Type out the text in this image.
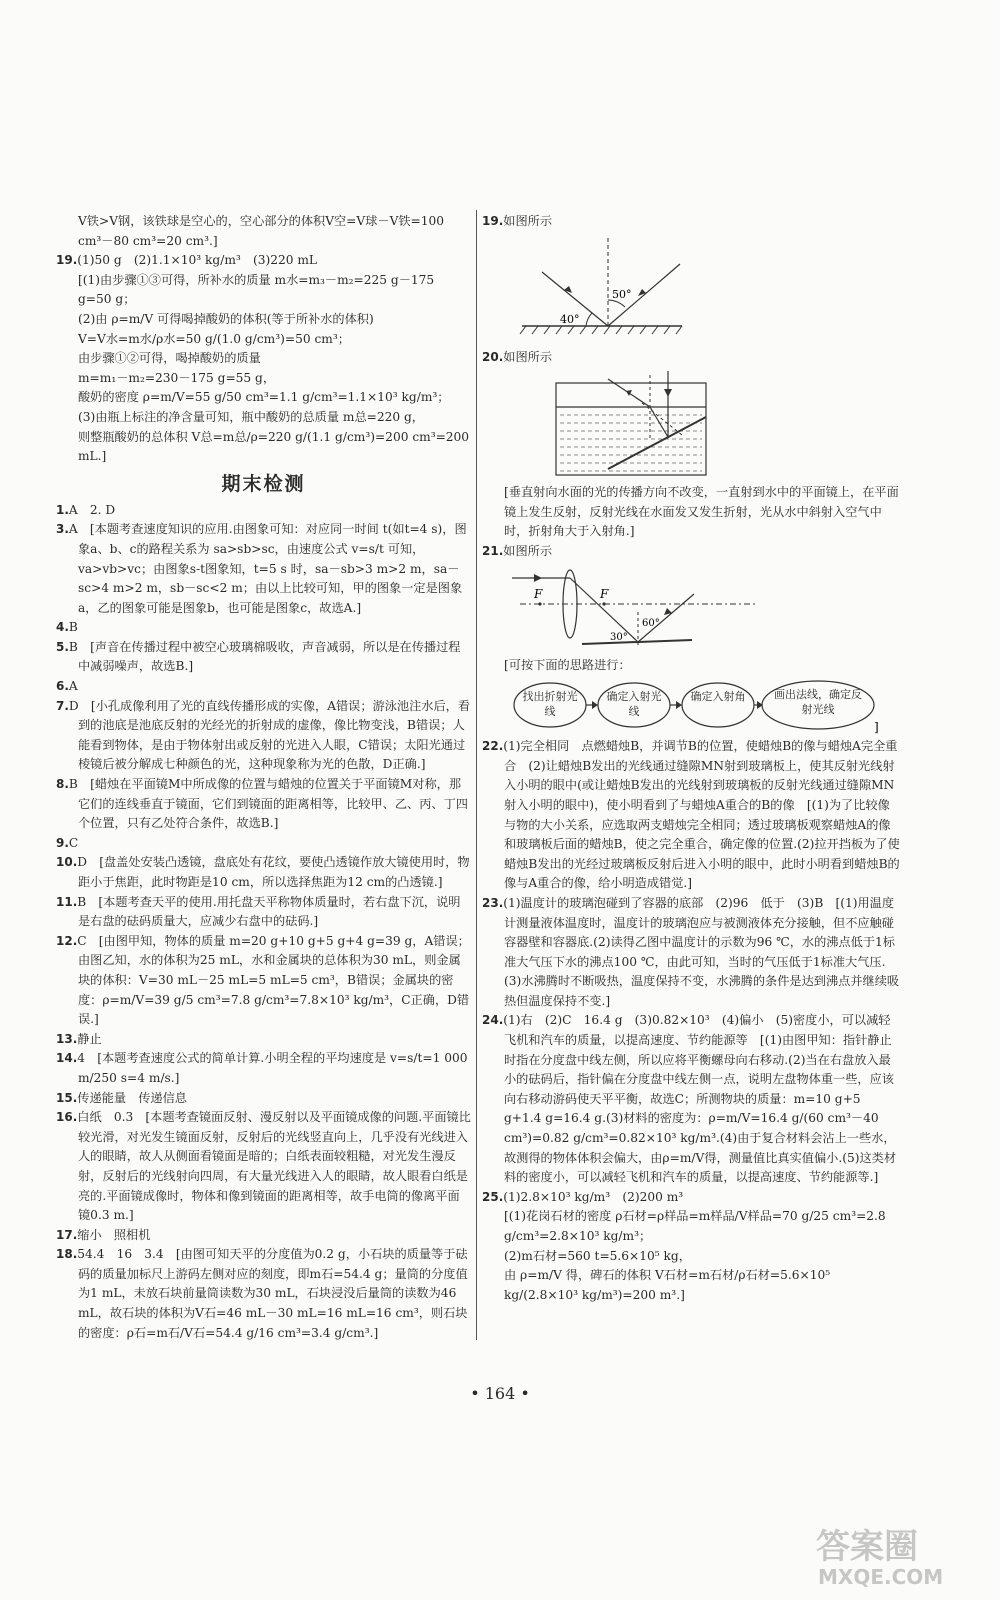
V铁>V钢，该铁球是空心的，空心部分的体积V空=V球－V铁=100 cm³－80 cm³=20 cm³.]

19.(1)50 g　(2)1.1×10³ kg/m³　(3)220 mL

[(1)由步骤①③可得，所补水的质量 m水=m₃－m₂=225 g－175 g=50 g；

(2)由 ρ=m/V 可得喝掉酸奶的体积(等于所补水的体积)

V=V水=m水/ρ水=50 g/(1.0 g/cm³)=50 cm³；

由步骤①②可得，喝掉酸奶的质量

m=m₁－m₂=230－175 g=55 g，

酸奶的密度 ρ=m/V=55 g/50 cm³=1.1 g/cm³=1.1×10³ kg/m³；

(3)由瓶上标注的净含量可知，瓶中酸奶的总质量 m总=220 g，

则整瓶酸奶的总体积 V总=m总/ρ=220 g/(1.1 g/cm³)=200 cm³=200 mL.]

期末检测

1.A　2. D

3.A　[本题考查速度知识的应用.由图象可知：对应同一时间 t(如t=4 s)，图象a、b、c的路程关系为 sa>sb>sc，由速度公式 v=s/t 可知，va>vb>vc；由图象s-t图象知，t=5 s 时，sa－sb>3 m>2 m，sa－sc>4 m>2 m，sb－sc<2 m；由以上比较可知，甲的图象一定是图象a，乙的图象可能是图象b，也可能是图象c，故选A.]

4.B

5.B　[声音在传播过程中被空心玻璃棉吸收，声音减弱，所以是在传播过程中减弱噪声，故选B.]

6.A

7.D　[小孔成像利用了光的直线传播形成的实像，A错误；游泳池注水后，看到的池底是池底反射的光经光的折射成的虚像，像比物变浅，B错误；人能看到物体，是由于物体射出或反射的光进入人眼，C错误；太阳光通过棱镜后被分解成七种颜色的光，这种现象称为光的色散，D正确.]

8.B　[蜡烛在平面镜M中所成像的位置与蜡烛的位置关于平面镜M对称，那它们的连线垂直于镜面，它们到镜面的距离相等，比较甲、乙、丙、丁四个位置，只有乙处符合条件，故选B.]

9.C

10.D　[盘盖处安装凸透镜，盘底处有花纹，要使凸透镜作放大镜使用时，物距小于焦距，此时物距是10 cm，所以选择焦距为12 cm的凸透镜.]

11.B　[本题考查天平的使用.用托盘天平称物体质量时，若右盘下沉，说明是右盘的砝码质量大，应减少右盘中的砝码.]

12.C　[由图甲知，物体的质量 m=20 g+10 g+5 g+4 g=39 g，A错误；由图乙知，水的体积为25 mL，水和金属块的总体积为30 mL，则金属块的体积：V=30 mL－25 mL=5 mL=5 cm³，B错误；金属块的密度：ρ=m/V=39 g/5 cm³=7.8 g/cm³=7.8×10³ kg/m³，C正确，D错误.]

13.静止

14.4　[本题考查速度公式的简单计算.小明全程的平均速度是 v=s/t=1 000 m/250 s=4 m/s.]

15.传递能量　传递信息

16.白纸　0.3　[本题考查镜面反射、漫反射以及平面镜成像的问题.平面镜比较光滑，对光发生镜面反射，反射后的光线竖直向上，几乎没有光线进入人的眼睛，故人从侧面看镜面是暗的；白纸表面较粗糙，对光发生漫反射，反射后的光线射向四周，有大量光线进入人的眼睛，故人眼看白纸是亮的.平面镜成像时，物体和像到镜面的距离相等，故手电筒的像离平面镜0.3 m.]

17.缩小　照相机

18.54.4　16　3.4　[由图可知天平的分度值为0.2 g，小石块的质量等于砝码的质量加标尺上游码左侧对应的刻度，即m石=54.4 g；量筒的分度值为1 mL，未放石块前量筒读数为30 mL，石块浸没后量筒的读数为46 mL，故石块的体积为V石=46 mL－30 mL=16 mL=16 cm³，则石块的密度：ρ石=m石/V石=54.4 g/16 cm³=3.4 g/cm³.]

19.如图所示

50°
40°

20.如图所示

[垂直射向水面的光的传播方向不改变，一直射到水中的平面镜上，在平面镜上发生反射，反射光线在水面发又发生折射，光从水中斜射入空气中时，折射角大于入射角.]

21.如图所示

F	F
60°
30°

[可按下面的思路进行：

找出折射光线
确定入射光线
确定入射角	画出法线，确定反射光线
]

22.(1)完全相同　点燃蜡烛B，并调节B的位置，使蜡烛B的像与蜡烛A完全重合　(2)让蜡烛B发出的光线通过缝隙MN射到玻璃板上，使其反射光线射入小明的眼中(或让蜡烛B发出的光线射到玻璃板的反射光线通过缝隙MN射入小明的眼中)，使小明看到了与蜡烛A重合的B的像　[(1)为了比较像与物的大小关系，应选取两支蜡烛完全相同；透过玻璃板观察蜡烛A的像和玻璃板后面的蜡烛B，使之完全重合，确定像的位置.(2)拉开挡板为了使蜡烛B发出的光经过玻璃板反射后进入小明的眼中，此时小明看到蜡烛B的像与A重合的像，给小明造成错觉.]

23.(1)温度计的玻璃泡碰到了容器的底部　(2)96　低于　(3)B　[(1)用温度计测量液体温度时，温度计的玻璃泡应与被测液体充分接触，但不应触碰容器壁和容器底.(2)读得乙图中温度计的示数为96 ℃，水的沸点低于1标准大气压下水的沸点100 ℃，由此可知，当时的气压低于1标准大气压.(3)水沸腾时不断吸热，温度保持不变，水沸腾的条件是达到沸点并继续吸热但温度保持不变.]

24.(1)右　(2)C　16.4 g　(3)0.82×10³　(4)偏小　(5)密度小，可以减轻飞机和汽车的质量，以提高速度、节约能源等　[(1)由图甲知：指针静止时指在分度盘中线左侧，所以应将平衡螺母向右移动.(2)当在右盘放入最小的砝码后，指针偏在分度盘中线左侧一点，说明左盘物体重一些，应该向右移动游码使天平平衡，故选C；所测物块的质量：m=10 g+5 g+1.4 g=16.4 g.(3)材料的密度为：ρ=m/V=16.4 g/(60 cm³－40 cm³)=0.82 g/cm³=0.82×10³ kg/m³.(4)由于复合材料会沾上一些水，故测得的物体体积会偏大，由ρ=m/V得，测量值比真实值偏小.(5)这类材料的密度小，可以减轻飞机和汽车的质量，以提高速度、节约能源等.]

25.(1)2.8×10³ kg/m³　(2)200 m³

[(1)花岗石材的密度 ρ石材=ρ样品=m样品/V样品=70 g/25 cm³=2.8 g/cm³=2.8×10³ kg/m³；

(2)m石材=560 t=5.6×10⁵ kg，

由 ρ=m/V 得，碑石的体积 V石材=m石材/ρ石材=5.6×10⁵ kg/(2.8×10³ kg/m³)=200 m³.]

• 164 •
答案圈
MXQE.COM
